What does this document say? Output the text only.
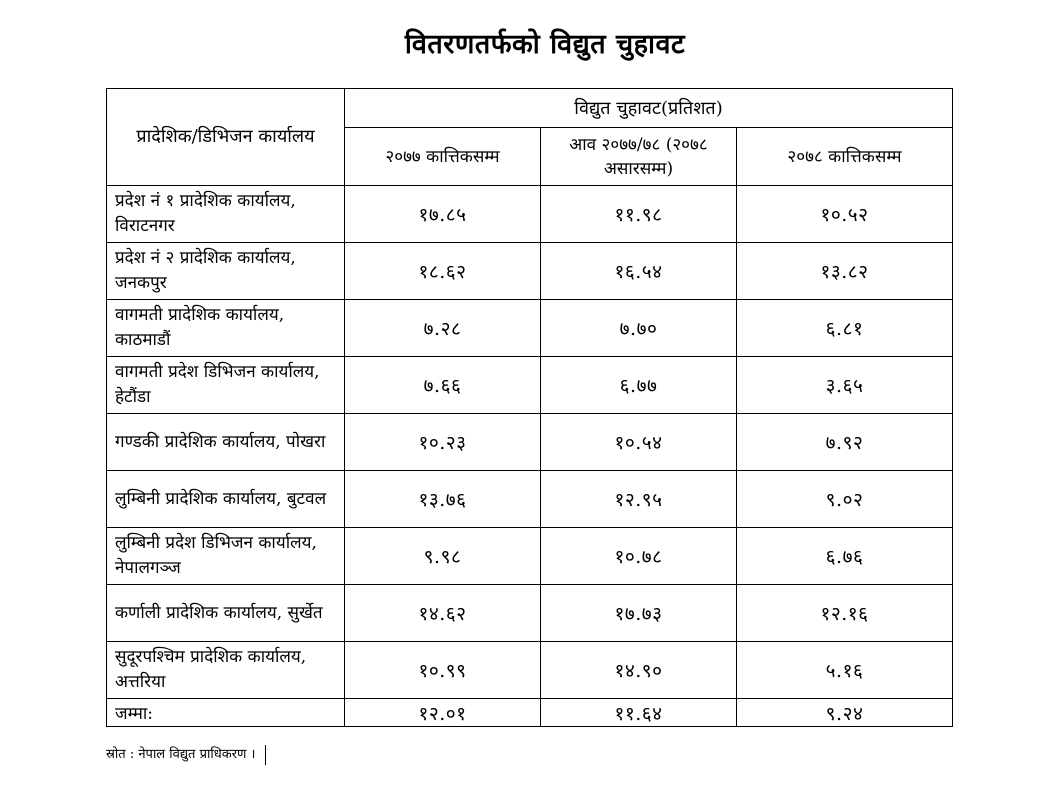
वितरणतर्फको विद्युत चुहावट
प्रादेशिक/डिभिजन कार्यालय	विद्युत चुहावट(प्रतिशत)		
	२०७७ कात्तिकसम्म	आव २०७७/७८ (२०७८ असारसम्म)	२०७८ कात्तिकसम्म
प्रदेश नं १ प्रादेशिक कार्यालय, विराटनगर	१७.८५	११.९८	१०.५२
प्रदेश नं २ प्रादेशिक कार्यालय, जनकपुर	१८.६२	१६.५४	१३.८२
वागमती प्रादेशिक कार्यालय, काठमाडौं	७.२८	७.७०	६.८१
वागमती प्रदेश डिभिजन कार्यालय, हेटौंडा	७.६६	६.७७	३.६५
गण्डकी प्रादेशिक कार्यालय, पोखरा	१०.२३	१०.५४	७.९२
लुम्बिनी प्रादेशिक कार्यालय, बुटवल	१३.७६	१२.९५	९.०२
लुम्बिनी प्रदेश डिभिजन कार्यालय, नेपालगञ्ज	९.९८	१०.७८	६.७६
कर्णाली प्रादेशिक कार्यालय, सुर्खेत	१४.६२	१७.७३	१२.१६
सुदूरपश्चिम प्रादेशिक कार्यालय, अत्तरिया	१०.९९	१४.९०	५.१६
जम्मा:	१२.०१	११.६४	९.२४
स्रोत : नेपाल विद्युत प्राधिकरण ।
